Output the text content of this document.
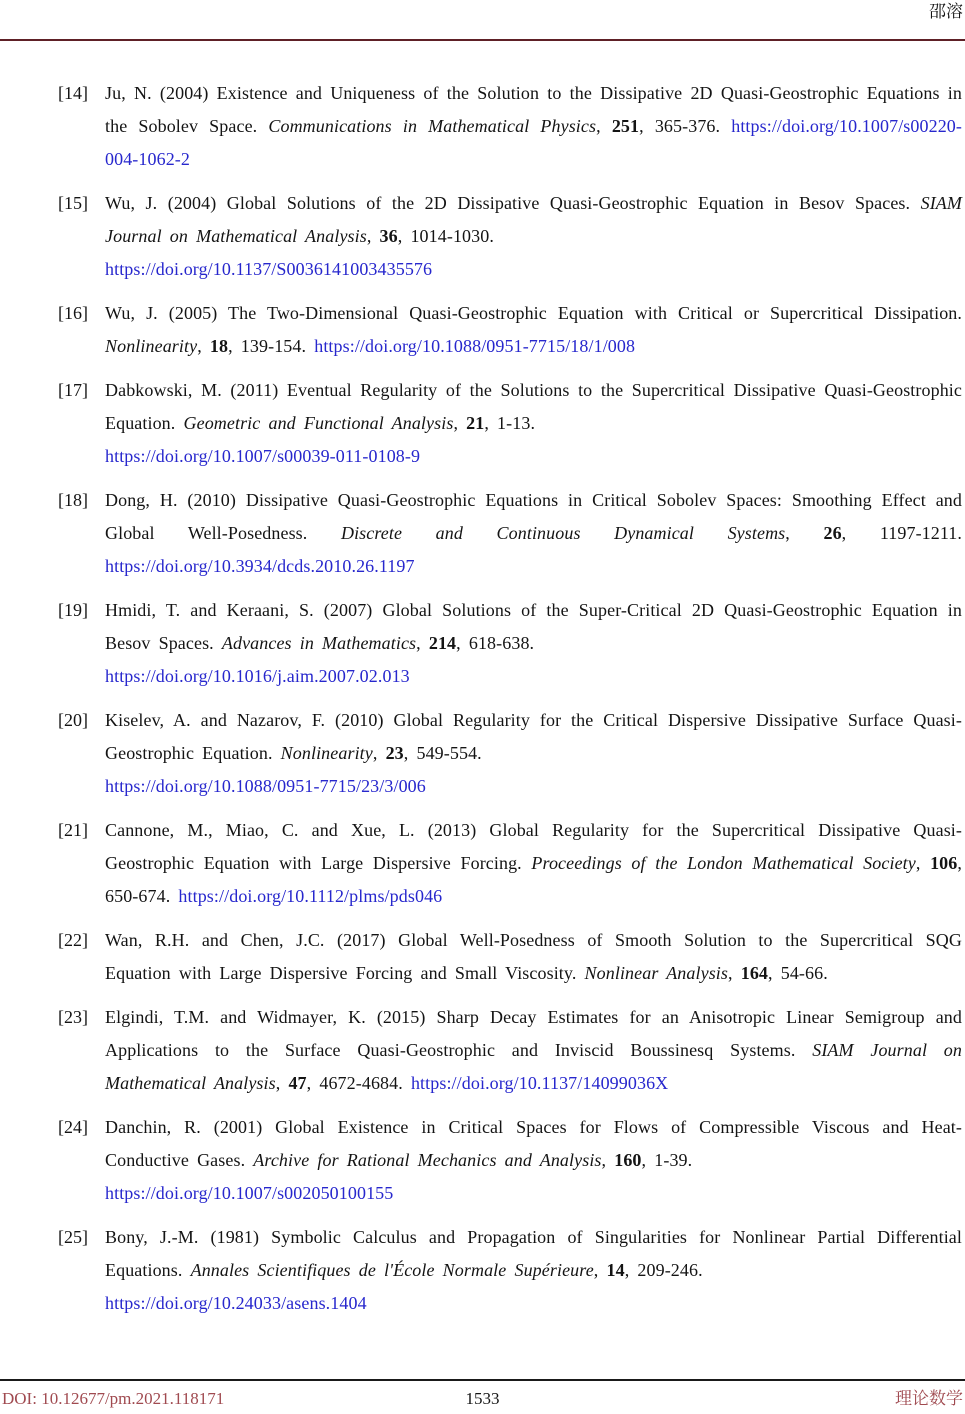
邵溶
[14] Ju, N. (2004) Existence and Uniqueness of the Solution to the Dissipative 2D Quasi-Geostrophic Equations in the Sobolev Space. Communications in Mathematical Physics, 251, 365-376. https://doi.org/10.1007/s00220-004-1062-2
[15] Wu, J. (2004) Global Solutions of the 2D Dissipative Quasi-Geostrophic Equation in Besov Spaces. SIAM Journal on Mathematical Analysis, 36, 1014-1030.
https://doi.org/10.1137/S0036141003435576
[16] Wu, J. (2005) The Two-Dimensional Quasi-Geostrophic Equation with Critical or Supercritical Dissipation. Nonlinearity, 18, 139-154. https://doi.org/10.1088/0951-7715/18/1/008
[17] Dabkowski, M. (2011) Eventual Regularity of the Solutions to the Supercritical Dissipative Quasi-Geostrophic Equation. Geometric and Functional Analysis, 21, 1-13.
https://doi.org/10.1007/s00039-011-0108-9
[18] Dong, H. (2010) Dissipative Quasi-Geostrophic Equations in Critical Sobolev Spaces: Smoothing Effect and Global Well-Posedness. Discrete and Continuous Dynamical Systems, 26, 1197-1211. https://doi.org/10.3934/dcds.2010.26.1197
[19] Hmidi, T. and Keraani, S. (2007) Global Solutions of the Super-Critical 2D Quasi-Geostrophic Equation in Besov Spaces. Advances in Mathematics, 214, 618-638.
https://doi.org/10.1016/j.aim.2007.02.013
[20] Kiselev, A. and Nazarov, F. (2010) Global Regularity for the Critical Dispersive Dissipative Surface Quasi-Geostrophic Equation. Nonlinearity, 23, 549-554.
https://doi.org/10.1088/0951-7715/23/3/006
[21] Cannone, M., Miao, C. and Xue, L. (2013) Global Regularity for the Supercritical Dissipative Quasi-Geostrophic Equation with Large Dispersive Forcing. Proceedings of the London Mathematical Society, 106, 650-674. https://doi.org/10.1112/plms/pds046
[22] Wan, R.H. and Chen, J.C. (2017) Global Well-Posedness of Smooth Solution to the Supercritical SQG Equation with Large Dispersive Forcing and Small Viscosity. Nonlinear Analysis, 164, 54-66.
[23] Elgindi, T.M. and Widmayer, K. (2015) Sharp Decay Estimates for an Anisotropic Linear Semigroup and Applications to the Surface Quasi-Geostrophic and Inviscid Boussinesq Systems. SIAM Journal on Mathematical Analysis, 47, 4672-4684. https://doi.org/10.1137/14099036X
[24] Danchin, R. (2001) Global Existence in Critical Spaces for Flows of Compressible Viscous and Heat-Conductive Gases. Archive for Rational Mechanics and Analysis, 160, 1-39.
https://doi.org/10.1007/s002050100155
[25] Bony, J.-M. (1981) Symbolic Calculus and Propagation of Singularities for Nonlinear Partial Differential Equations. Annales Scientifiques de l'École Normale Supérieure, 14, 209-246.
https://doi.org/10.24033/asens.1404
DOI: 10.12677/pm.2021.118171	1533	理论数学
